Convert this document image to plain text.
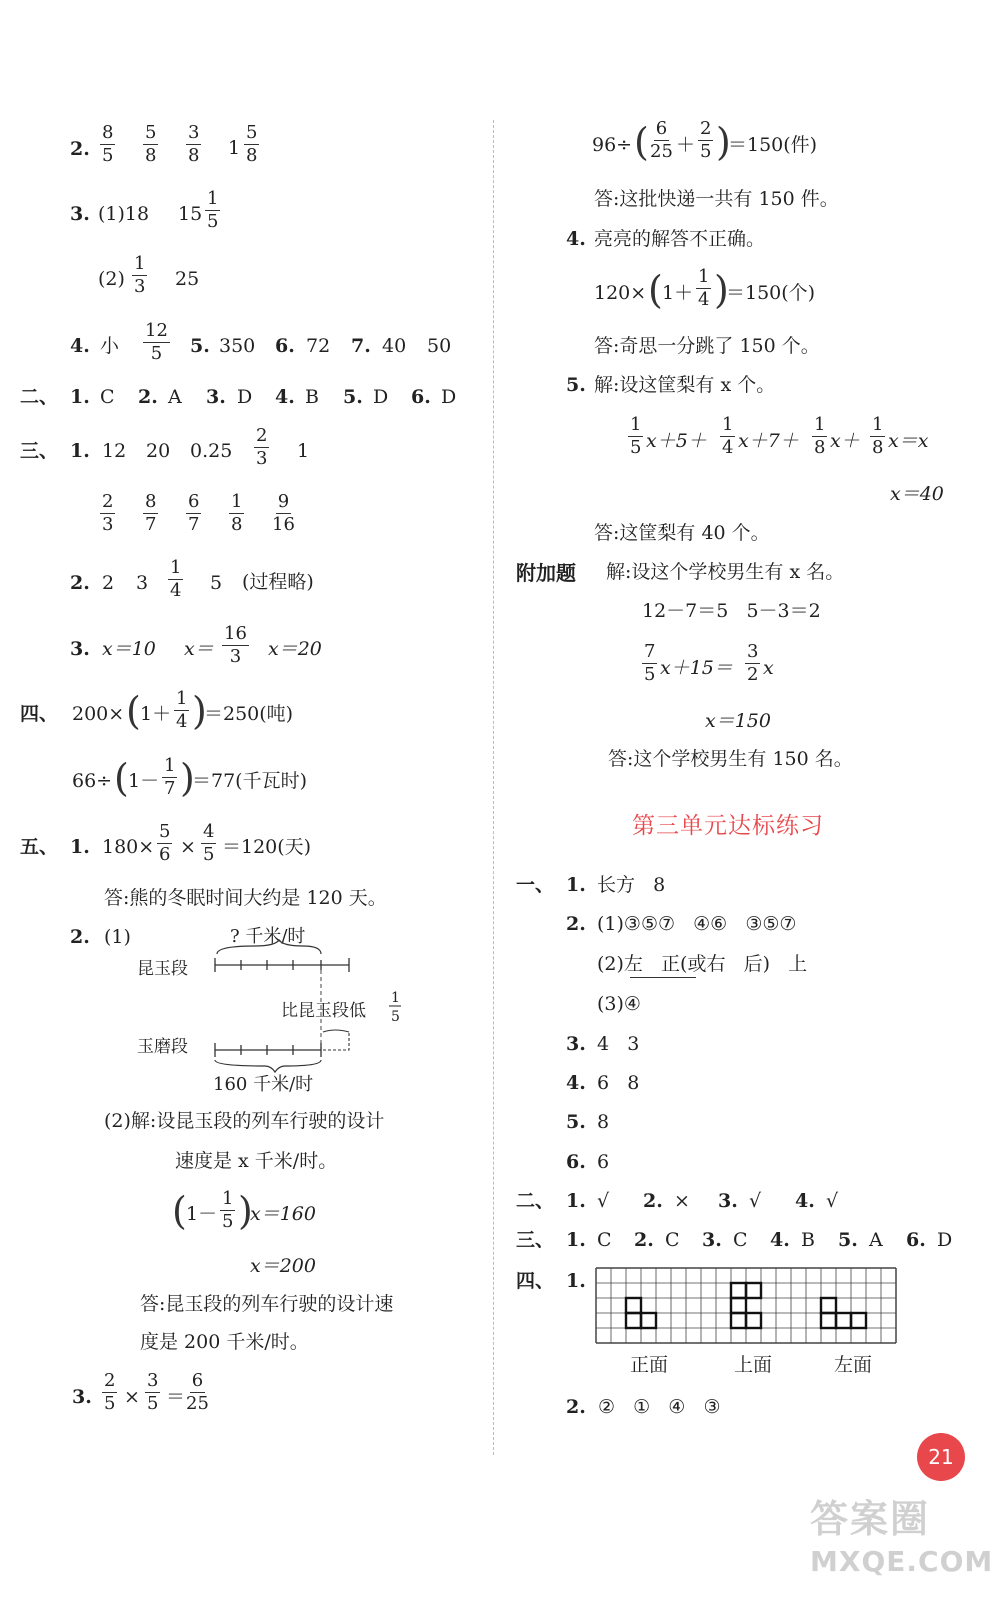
2. $\frac{8}{5} \frac{5}{8} \frac{3}{8} 1 \frac{5}{8}$
3. (1)18 $15 \frac{1}{5}$
$(2) \frac{1}{3} 25$
4. 小 $\frac{12}{5} 5$. 350 6. 72 7. 40 50
二、 1. C 2. A 3. D 4. B 5. D 6. D
三、 1. 12 20 $0.25 \frac{2}{3} 1$
$\frac{2}{3} \frac{8}{7} \frac{6}{7} \frac{1}{8} \frac{9}{16}$
2. 2 $3 \frac{1}{4} 5$ (过程略)
3. x＝10 $x= \frac{16}{3} x=20$
四、 200× ( $1+ \frac{1}{4}$ )
＝250(吨)
66÷ ( $1- \frac{1}{7}$ )
＝77(千瓦时)
五、 1. $180\times \frac{5}{6} \times \frac{4}{5} =120$(天)
答:熊的冬眠时间大约是 120 天。
2. (1)	? 千米/时
昆玉段
比昆玉段低
1
5
玉磨段
160 千米/时
(2)解:设昆玉段的列车行驶的设计
速度是 x 千米/时。
( $1- \frac{1}{5}$ )
x＝160
x＝200
答:昆玉段的列车行驶的设计速
度是 200 千米/时。
3. $\frac{2}{5} \times \frac{3}{5} = \frac{6}{25}$
96÷ ( $\frac{6}{25} + \frac{2}{5}$ )
＝150(件)
答:这批快递一共有 150 件。
4. 亮亮的解答不正确。
120× ( $1+ \frac{1}{4}$ )
＝150(个)
答:奇思一分跳了 150 个。
5. 解:设这筐梨有 x 个。
$\frac{1}{5} x+5+ \frac{1}{4} x+7+ \frac{1}{8} x+ \frac{1}{8} x=x$
x＝40
答:这筐梨有 40 个。
附加题 解:设这个学校男生有 x 名。
12－7＝5   5－3＝2
$\frac{7}{5} x+15= \frac{3}{2}$ x
x＝150
答:这个学校男生有 150 名。
第三单元达标练习
一、 1. 长方   8
2. (1)③⑤⑦   ④⑥   ③⑤⑦
(2)左   正(或右   后)   上
(3)④
3. 4   3
4. 6   8
5. 8
6. 6
二、 1. √ 2. × 3. √ 4. √
三、 1. C 2. C 3. C 4. B 5. A 6. D
四、 1.
正面	上面	左面
2. ②   ①   ④   ③
21
答案圈
MXQE.COM
